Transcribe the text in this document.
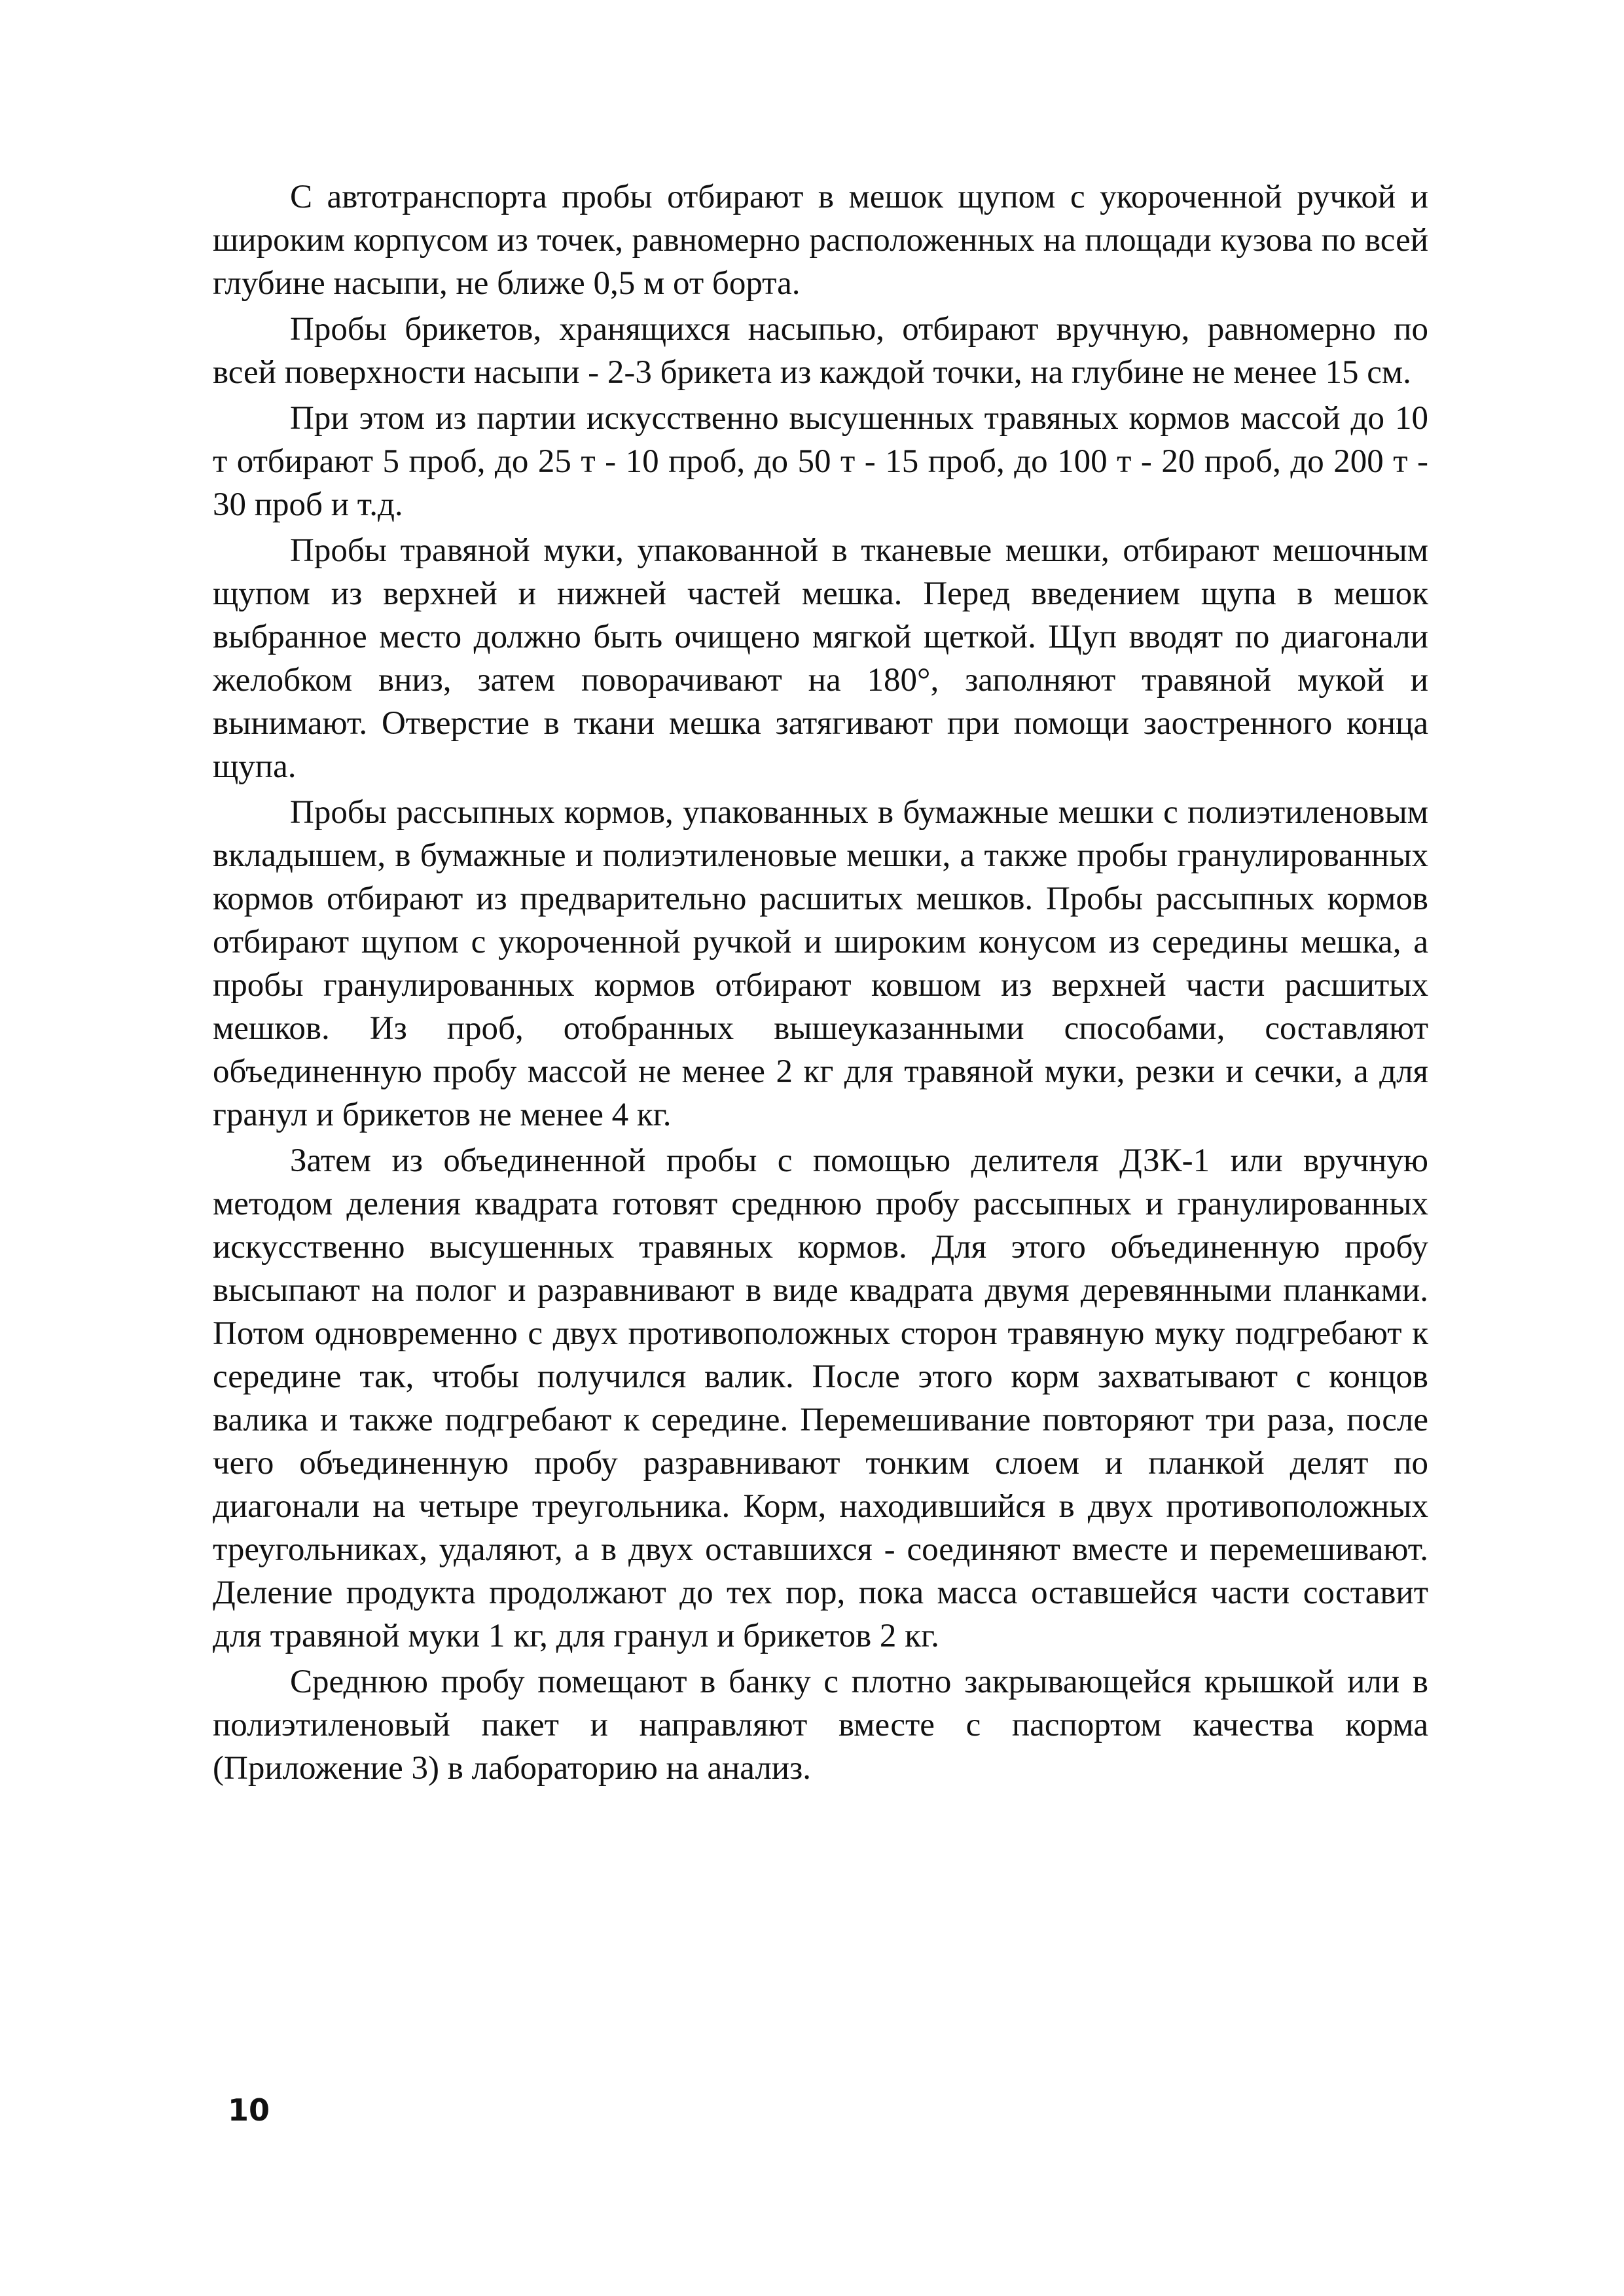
С автотранспорта пробы отбирают в мешок щупом с укороченной ручкой и широким корпусом из точек, равномерно расположенных на площади кузова по всей глубине насыпи, не ближе 0,5 м от борта.

Пробы брикетов, хранящихся насыпью, отбирают вручную, равномерно по всей поверхности насыпи - 2-3 брикета из каждой точки, на глубине не менее 15 см.

При этом из партии искусственно высушенных травяных кормов массой до 10 т отбирают 5 проб, до 25 т - 10 проб, до 50 т - 15 проб, до 100 т - 20 проб, до 200 т - 30 проб и т.д.

Пробы травяной муки, упакованной в тканевые мешки, отбирают мешочным щупом из верхней и нижней частей мешка. Перед введением щупа в мешок выбранное место должно быть очищено мягкой щеткой. Щуп вводят по диагонали желобком вниз, затем поворачивают на 180°, заполняют травяной мукой и вынимают. Отверстие в ткани мешка затягивают при помощи заостренного конца щупа.

Пробы рассыпных кормов, упакованных в бумажные мешки с полиэтиленовым вкладышем, в бумажные и полиэтиленовые мешки, а также пробы гранулированных кормов отбирают из предварительно расшитых мешков. Пробы рассыпных кормов отбирают щупом с укороченной ручкой и широким конусом из середины мешка, а пробы гранулированных кормов отбирают ковшом из верхней части расшитых мешков. Из проб, отобранных вышеуказанными способами, составляют объединенную пробу массой не менее 2 кг для травяной муки, резки и сечки, а для гранул и брикетов не менее 4 кг.

Затем из объединенной пробы с помощью делителя ДЗК-1 или вручную методом деления квадрата готовят среднюю пробу рассыпных и гранулированных искусственно высушенных травяных кормов. Для этого объединенную пробу высыпают на полог и разравнивают в виде квадрата двумя деревянными планками. Потом одновременно с двух противоположных сторон травяную муку подгребают к середине так, чтобы получился валик. После этого корм захватывают с концов валика и также подгребают к середине. Перемешивание повторяют три раза, после чего объединенную пробу разравнивают тонким слоем и планкой делят по диагонали на четыре треугольника. Корм, находившийся в двух противоположных треугольниках, удаляют, а в двух оставшихся - соединяют вместе и перемешивают. Деление продукта продолжают до тех пор, пока масса оставшейся части составит для травяной муки 1 кг, для гранул и брикетов 2 кг.

Среднюю пробу помещают в банку с плотно закрывающейся крышкой или в полиэтиленовый пакет и направляют вместе с паспортом качества корма (Приложение 3) в лабораторию на анализ.

10
